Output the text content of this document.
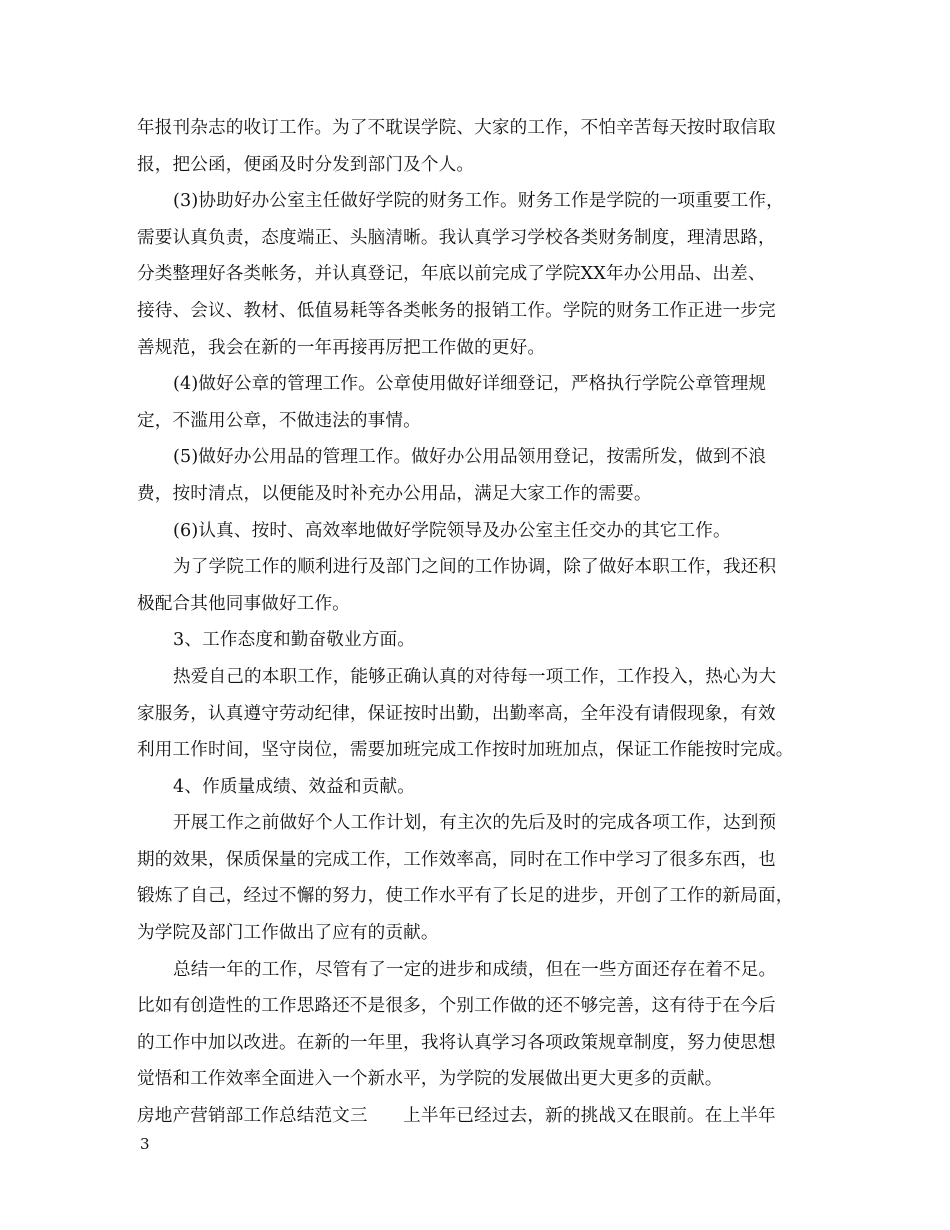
年报刊杂志的收订工作。为了不耽误学院、大家的工作，不怕辛苦每天按时取信取
报，把公函，便函及时分发到部门及个人。
(3)协助好办公室主任做好学院的财务工作。财务工作是学院的一项重要工作，
需要认真负责，态度端正、头脑清晰。我认真学习学校各类财务制度，理清思路，
分类整理好各类帐务，并认真登记，年底以前完成了学院XX年办公用品、出差、
接待、会议、教材、低值易耗等各类帐务的报销工作。学院的财务工作正进一步完
善规范，我会在新的一年再接再厉把工作做的更好。
(4)做好公章的管理工作。公章使用做好详细登记，严格执行学院公章管理规
定，不滥用公章，不做违法的事情。
(5)做好办公用品的管理工作。做好办公用品领用登记，按需所发，做到不浪
费，按时清点，以便能及时补充办公用品，满足大家工作的需要。
(6)认真、按时、高效率地做好学院领导及办公室主任交办的其它工作。
为了学院工作的顺利进行及部门之间的工作协调，除了做好本职工作，我还积
极配合其他同事做好工作。
3、工作态度和勤奋敬业方面。
热爱自己的本职工作，能够正确认真的对待每一项工作，工作投入，热心为大
家服务，认真遵守劳动纪律，保证按时出勤，出勤率高，全年没有请假现象，有效
利用工作时间，坚守岗位，需要加班完成工作按时加班加点，保证工作能按时完成。
4、作质量成绩、效益和贡献。
开展工作之前做好个人工作计划，有主次的先后及时的完成各项工作，达到预
期的效果，保质保量的完成工作，工作效率高，同时在工作中学习了很多东西，也
锻炼了自己，经过不懈的努力，使工作水平有了长足的进步，开创了工作的新局面，
为学院及部门工作做出了应有的贡献。
总结一年的工作，尽管有了一定的进步和成绩，但在一些方面还存在着不足。
比如有创造性的工作思路还不是很多，个别工作做的还不够完善，这有待于在今后
的工作中加以改进。在新的一年里，我将认真学习各项政策规章制度，努力使思想
觉悟和工作效率全面进入一个新水平，为学院的发展做出更大更多的贡献。
房地产营销部工作总结范文三　　上半年已经过去，新的挑战又在眼前。在上半年
3
